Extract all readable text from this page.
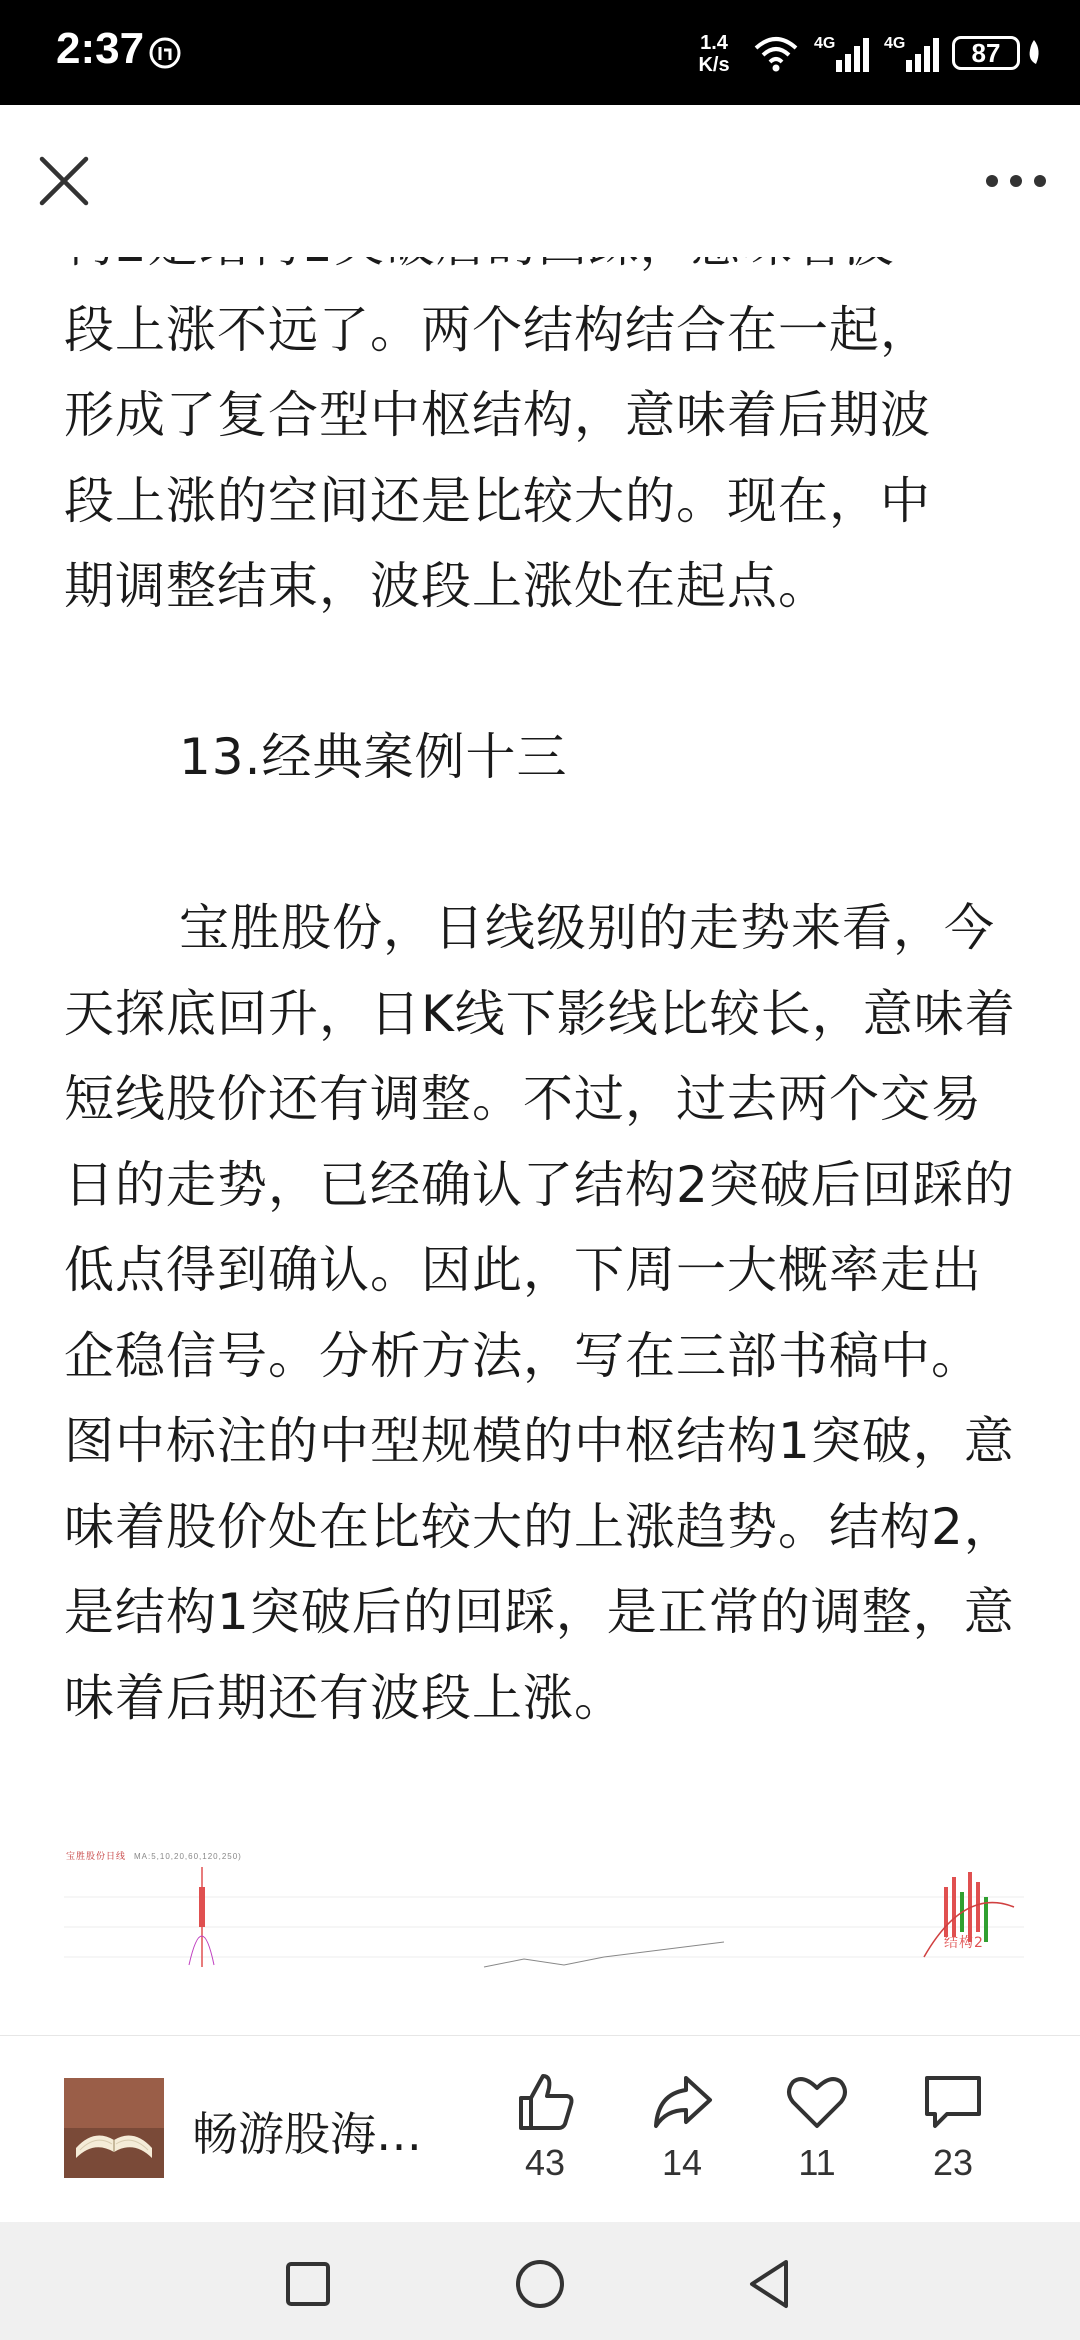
2:37	1.4
K/s
4G	4G	87

段上涨不远了。两个结构结合在一起，
形成了复合型中枢结构，意味着后期波
段上涨的空间还是比较大的。现在，中
期调整结束，波段上涨处在起点。

13.经典案例十三

宝胜股份，日线级别的走势来看，今天探底回升，日K线下影线比较长，意味着短线股价还有调整。不过，过去两个交易日的走势，已经确认了结构2突破后回踩的低点得到确认。因此，下周一大概率走出企稳信号。分析方法，写在三部书稿中。图中标注的中型规模的中枢结构1突破，意味着股价处在比较大的上涨趋势。结构2，是结构1突破后的回踩，是正常的调整，意味着后期还有波段上涨。

宝胜股份日线 MA:5,10,20,60,120,250)
结构2
畅游股海…
43	14	11	23
